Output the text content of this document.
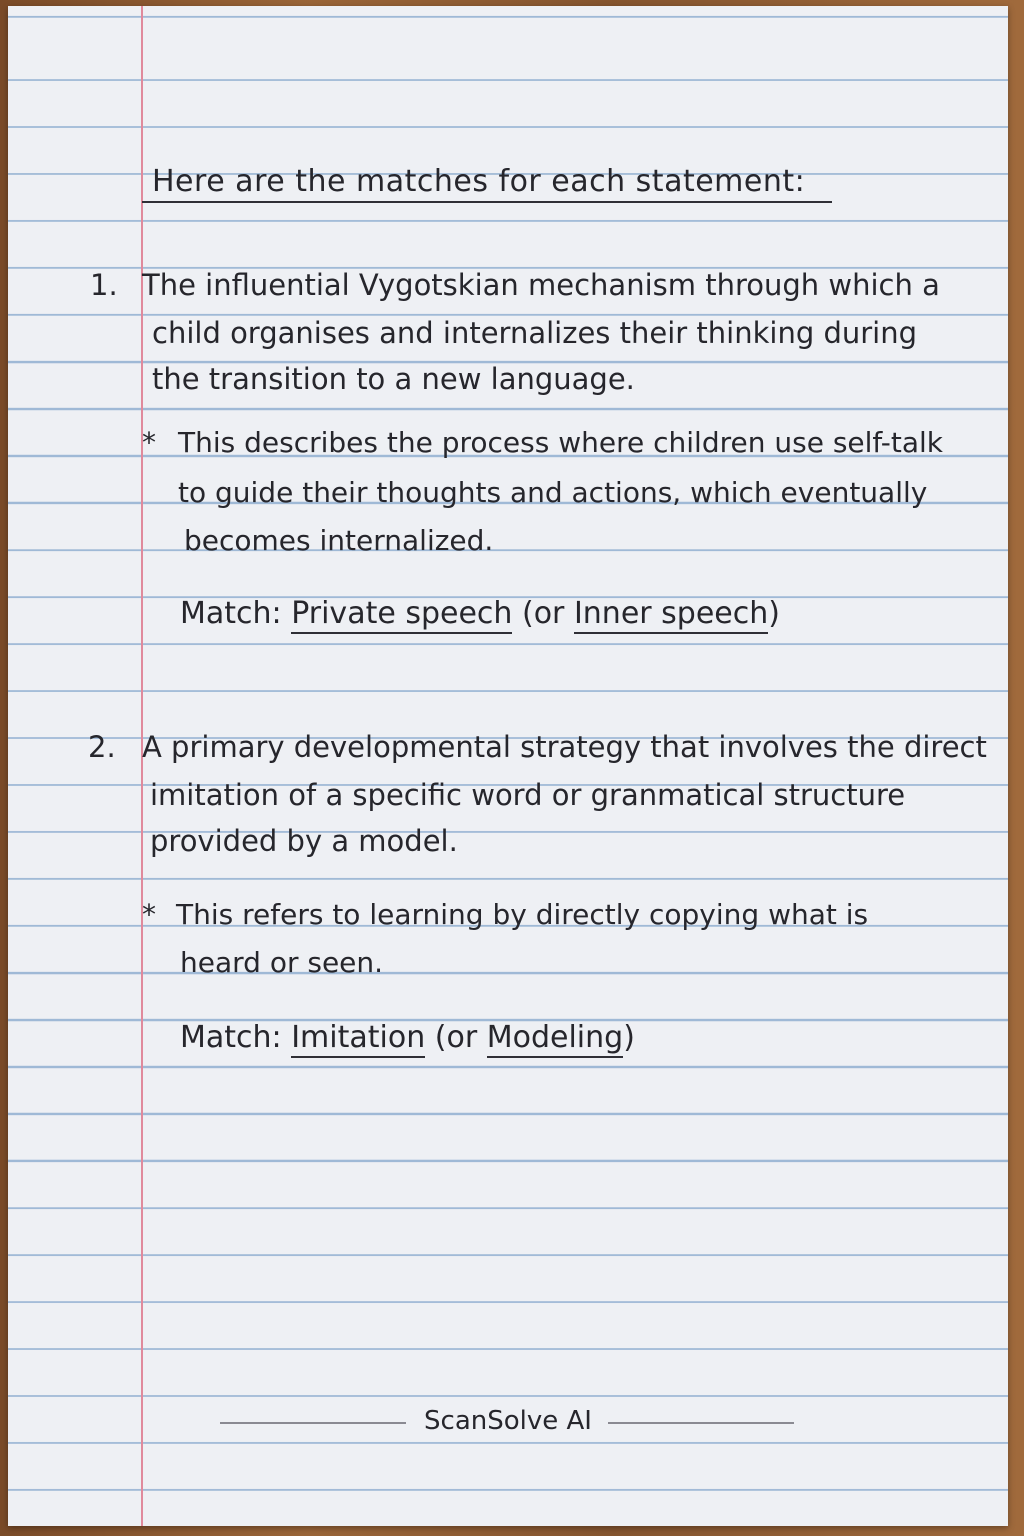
Here are the matches for each statement:
1. The influential Vygotskian mechanism through which a
child organises and internalizes their thinking during
the transition to a new language.
* This describes the process where children use self-talk
to guide their thoughts and actions, which eventually
becomes internalized.
Match: Private speech (or Inner speech)
2. A primary developmental strategy that involves the direct
imitation of a specific word or granmatical structure
provided by a model.
* This refers to learning by directly copying what is
heard or seen.
Match: Imitation (or Modeling)
ScanSolve AI
